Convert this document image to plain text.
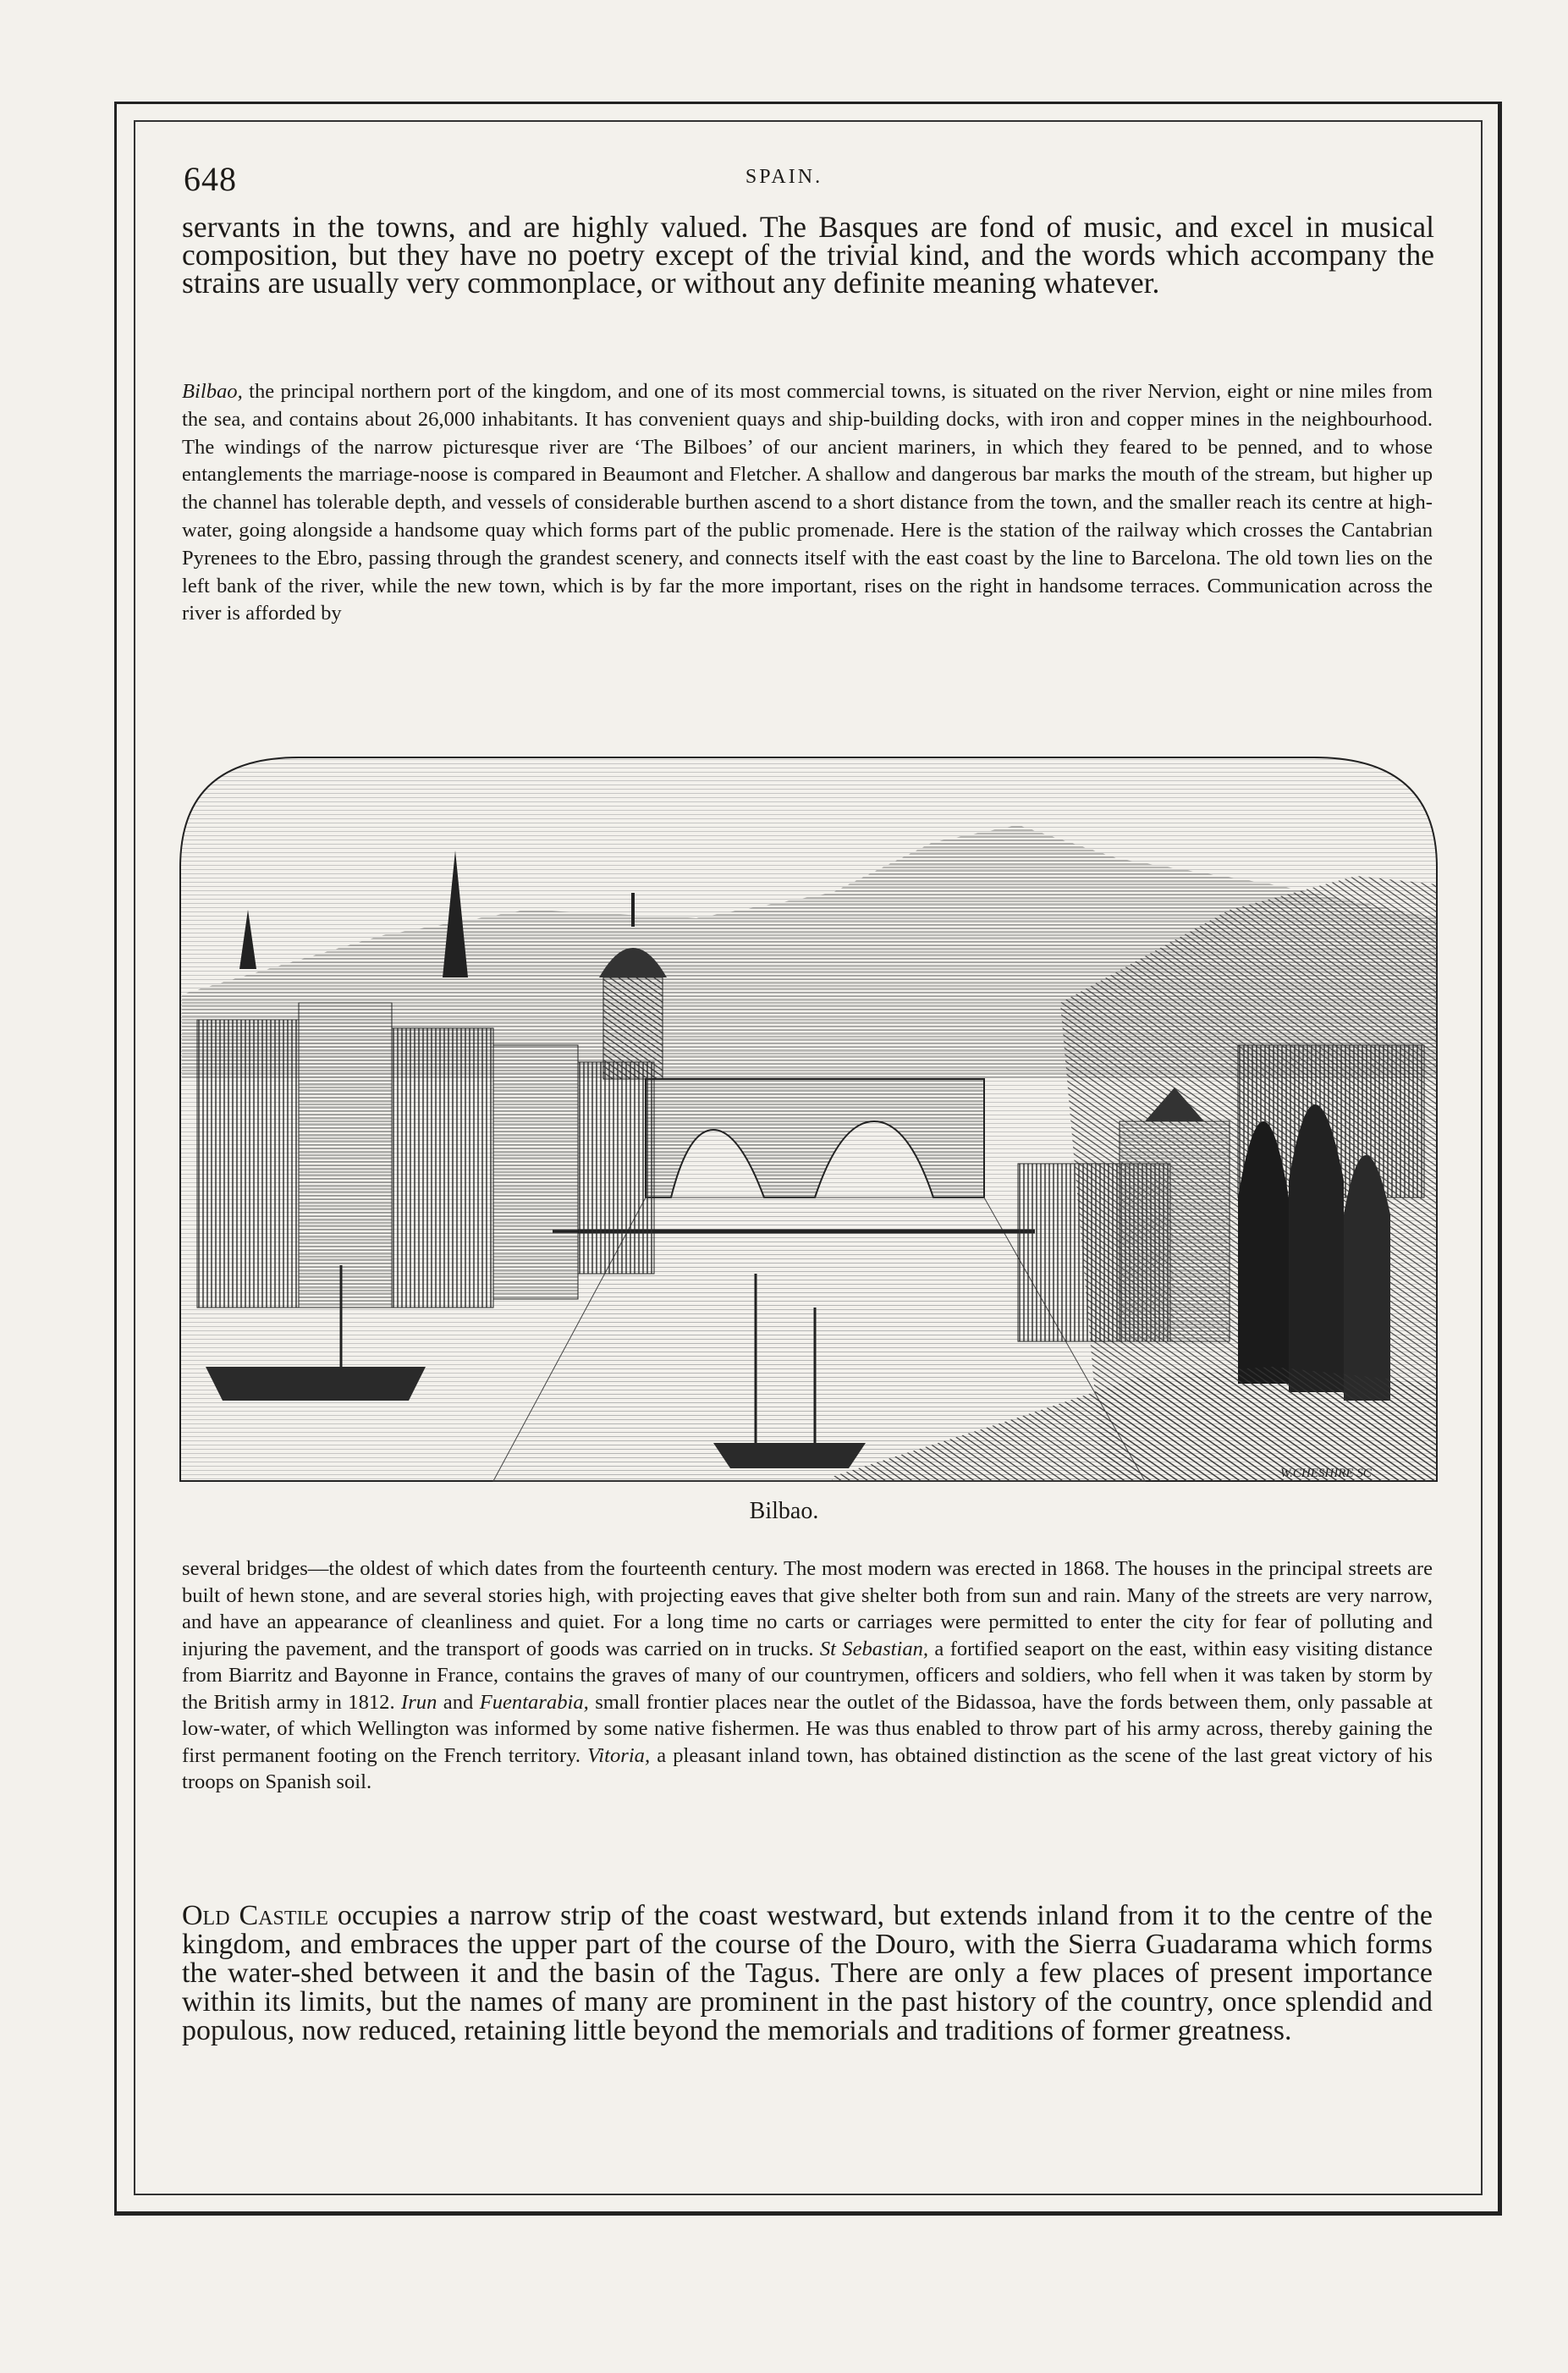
648	SPAIN.

servants in the towns, and are highly valued. The Basques are fond of music, and excel in musical composition, but they have no poetry except of the trivial kind, and the words which accompany the strains are usually very commonplace, or without any definite meaning whatever.

Bilbao, the principal northern port of the kingdom, and one of its most commercial towns, is situated on the river Nervion, eight or nine miles from the sea, and contains about 26,000 inhabitants. It has convenient quays and ship-building docks, with iron and copper mines in the neighbourhood. The windings of the narrow picturesque river are ‘The Bilboes’ of our ancient mariners, in which they feared to be penned, and to whose entanglements the marriage-noose is compared in Beaumont and Fletcher. A shallow and dangerous bar marks the mouth of the stream, but higher up the channel has tolerable depth, and vessels of considerable burthen ascend to a short distance from the town, and the smaller reach its centre at high-water, going alongside a handsome quay which forms part of the public promenade. Here is the station of the railway which crosses the Cantabrian Pyrenees to the Ebro, passing through the grandest scenery, and connects itself with the east coast by the line to Barcelona. The old town lies on the left bank of the river, while the new town, which is by far the more important, rises on the right in handsome terraces. Communication across the river is afforded by

W.CHESHIRE SC
Bilbao.

several bridges—the oldest of which dates from the fourteenth century. The most modern was erected in 1868. The houses in the principal streets are built of hewn stone, and are several stories high, with projecting eaves that give shelter both from sun and rain. Many of the streets are very narrow, and have an appearance of cleanliness and quiet. For a long time no carts or carriages were permitted to enter the city for fear of polluting and injuring the pavement, and the transport of goods was carried on in trucks. St Sebastian, a fortified seaport on the east, within easy visiting distance from Biarritz and Bayonne in France, contains the graves of many of our countrymen, officers and soldiers, who fell when it was taken by storm by the British army in 1812. Irun and Fuentarabia, small frontier places near the outlet of the Bidassoa, have the fords between them, only passable at low-water, of which Wellington was informed by some native fishermen. He was thus enabled to throw part of his army across, thereby gaining the first permanent footing on the French territory. Vitoria, a pleasant inland town, has obtained distinction as the scene of the last great victory of his troops on Spanish soil.

Old Castile occupies a narrow strip of the coast westward, but extends inland from it to the centre of the kingdom, and embraces the upper part of the course of the Douro, with the Sierra Guadarama which forms the water-shed between it and the basin of the Tagus. There are only a few places of present importance within its limits, but the names of many are prominent in the past history of the country, once splendid and populous, now reduced, retaining little beyond the memorials and traditions of former greatness.
